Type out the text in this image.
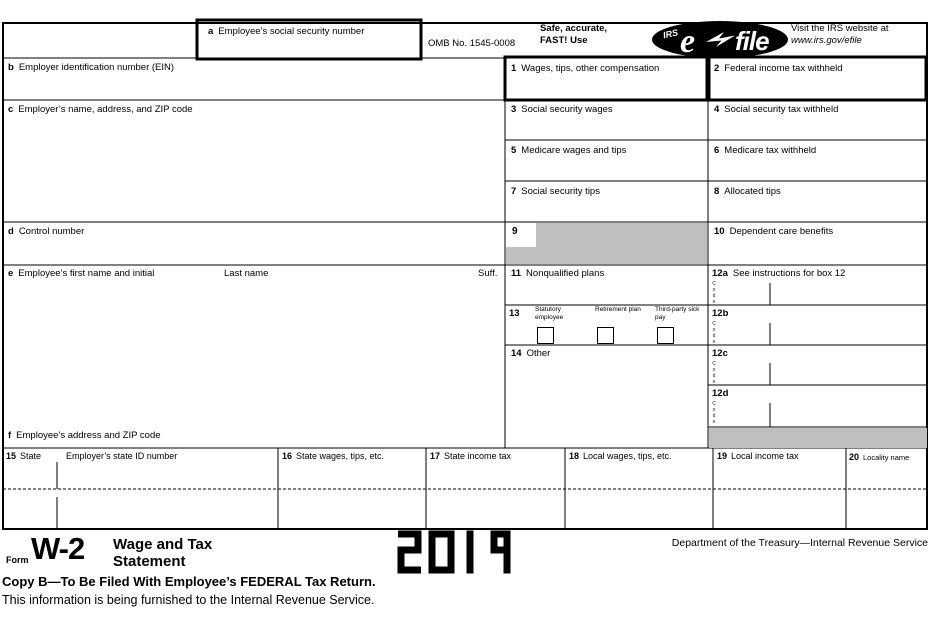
a Employee’s social security number
OMB No. 1545-0008
Safe, accurate,
FAST! Use
IRS e file Visit the IRS website at
www.irs.gov/efile
b Employer identification number (EIN)
c Employer’s name, address, and ZIP code
d Control number
e Employee’s first name and initial	Last name	Suff.
f Employee’s address and ZIP code
1 Wages, tips, other compensation
3 Social security wages
5 Medicare wages and tips
7 Social security tips
9
11 Nonqualified plans
13
14 Other
Statutory employee
Retirement plan Third-party sick pay
2 Federal income tax withheld
4 Social security tax withheld
6 Medicare tax withheld
8 Allocated tips
10 Dependent care benefits
12a See instructions for box 12
12b
12c
12d
Code
Code
Code
Code
15 State	Employer’s state ID number	16 State wages, tips, etc.	17 State income tax	18 Local wages, tips, etc.	19 Local income tax	20 Locality name
Form W-2 Wage and Tax
Statement
Department of the Treasury—Internal Revenue Service
Copy B—To Be Filed With Employee’s FEDERAL Tax Return.
This information is being furnished to the Internal Revenue Service.
